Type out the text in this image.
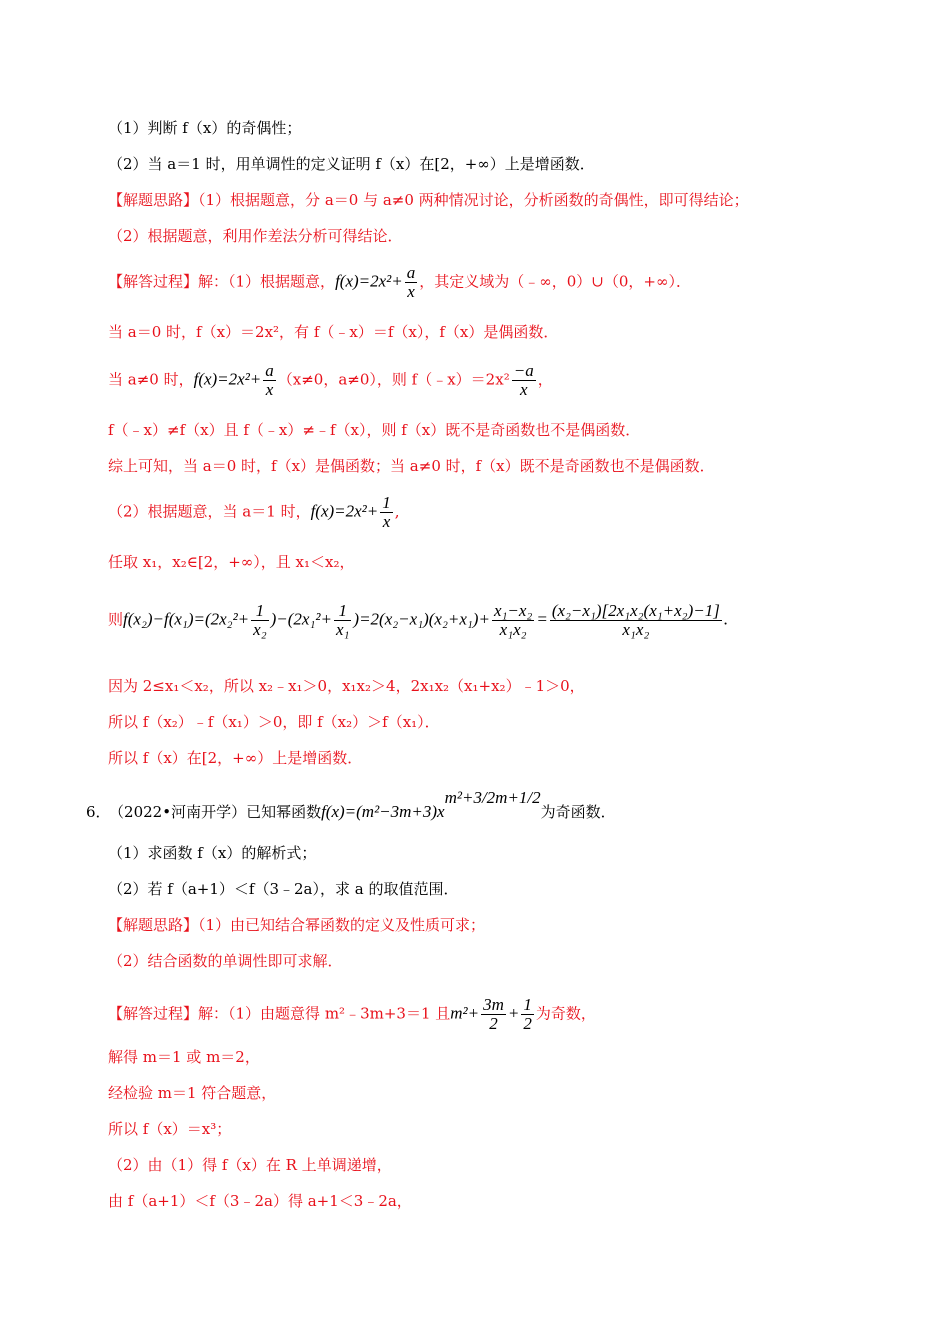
（1）判断 f（x）的奇偶性；
（2）当 a＝1 时，用单调性的定义证明 f（x）在[2，+∞）上是增函数．
【解题思路】（1）根据题意，分 a＝0 与 a≠0 两种情况讨论，分析函数的奇偶性，即可得结论；
（2）根据题意，利用作差法分析可得结论．
【解答过程】解：（1）根据题意，$f(x)=2x^2+ \frac{a}{x}$ ，其定义域为（﹣∞，0）∪（0，+∞）．
当 a＝0 时，f（x）＝2x²，有 f（﹣x）＝f（x），f（x）是偶函数．
当 a≠0 时，$f(x)=2x^2+ \frac{a}{x} (x\ne 0$，a≠0），则 f（﹣x）＝2x² $\frac{-a}{x}$ ，
f（﹣x）≠f（x）且 f（﹣x）≠﹣f（x），则 f（x）既不是奇函数也不是偶函数．
综上可知，当 a＝0 时，f（x）是偶函数；当 a≠0 时，f（x）既不是奇函数也不是偶函数．
（2）根据题意，当 a＝1 时，$f(x)=2x^2+ \frac{1}{x}$ ,
任取 x₁，x₂∈[2，+∞），且 x₁＜x₂，
则$f(x_2)-f(x_1)=(2x_2^2+ \frac{1}{\text{x₂}} )-(2x_1^2+ \frac{1}{\text{x₁}} )=2(x_2-x_1)(x_2+x_1)+ \frac{\text{x₁−x₂}}{\text{x₁x₂}} = \frac{\text{(x₂−x₁)[2x₁x₂(x₁+x₂)−1]}}{\text{x₁x₂}}$ .
因为 2≤x₁＜x₂，所以 x₂﹣x₁＞0，x₁x₂＞4，2x₁x₂（x₁+x₂）﹣1＞0，
所以 f（x₂）﹣f（x₁）＞0，即 f（x₂）＞f（x₁）．
所以 f（x）在[2，+∞）上是增函数．
6． （2022•河南开学）已知幂函数$f(x)=(m^2-3m+3)x^{m^2+3/2m+1/2}$为奇函数．
（1）求函数 f（x）的解析式；
（2）若 f（a+1）＜f（3﹣2a），求 a 的取值范围．
【解题思路】（1）由已知结合幂函数的定义及性质可求；
（2）结合函数的单调性即可求解．
【解答过程】解：（1）由题意得 m²﹣3m+3＝1 且$m^2+ \frac{3m}{2} + \frac{1}{2}$ 为奇数，
解得 m＝1 或 m＝2，
经检验 m＝1 符合题意，
所以 f（x）＝x³；
（2）由（1）得 f（x）在 R 上单调递增，
由 f（a+1）＜f（3﹣2a）得 a+1＜3﹣2a，
